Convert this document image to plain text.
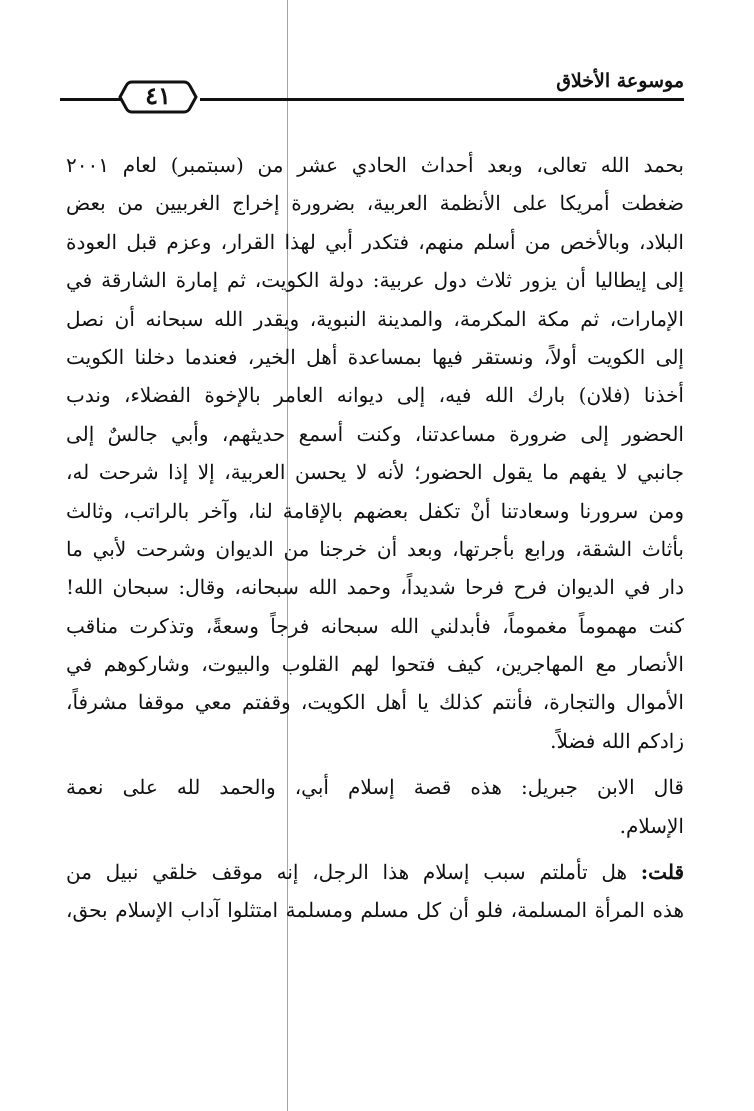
موسوعة الأخلاق
٤١
بحمد الله تعالى، وبعد أحداث الحادي عشر من (سبتمبر) لعام ٢٠٠١
ضغطت أمريكا على الأنظمة العربية، بضرورة إخراج الغربيين من بعض
البلاد، وبالأخص من أسلم منهم، فتكدر أبي لهذا القرار، وعزم قبل العودة
إلى إيطاليا أن يزور ثلاث دول عربية: دولة الكويت، ثم إمارة الشارقة في
الإمارات، ثم مكة المكرمة، والمدينة النبوية، ويقدر الله سبحانه أن نصل
إلى الكويت أولاً، ونستقر فيها بمساعدة أهل الخير، فعندما دخلنا الكويت
أخذنا (فلان) بارك الله فيه، إلى ديوانه العامر بالإخوة الفضلاء، وندب
الحضور إلى ضرورة مساعدتنا، وكنت أسمع حديثهم، وأبي جالسٌ إلى
جانبي لا يفهم ما يقول الحضور؛ لأنه لا يحسن العربية، إلا إذا شرحت له،
ومن سرورنا وسعادتنا أنْ تكفل بعضهم بالإقامة لنا، وآخر بالراتب، وثالث
بأثاث الشقة، ورابع بأجرتها، وبعد أن خرجنا من الديوان وشرحت لأبي ما
دار في الديوان فرح فرحا شديداً، وحمد الله سبحانه، وقال: سبحان الله!
كنت مهموماً مغموماً، فأبدلني الله سبحانه فرجاً وسعةً، وتذكرت مناقب
الأنصار مع المهاجرين، كيف فتحوا لهم القلوب والبيوت، وشاركوهم في
الأموال والتجارة، فأنتم كذلك يا أهل الكويت، وقفتم معي موقفا مشرفاً،
زادكم الله فضلاً.
قال الابن جبريل: هذه قصة إسلام أبي، والحمد لله على نعمة
الإسلام.
قلت: هل تأملتم سبب إسلام هذا الرجل، إنه موقف خلقي نبيل من
هذه المرأة المسلمة، فلو أن كل مسلم ومسلمة امتثلوا آداب الإسلام بحق،
